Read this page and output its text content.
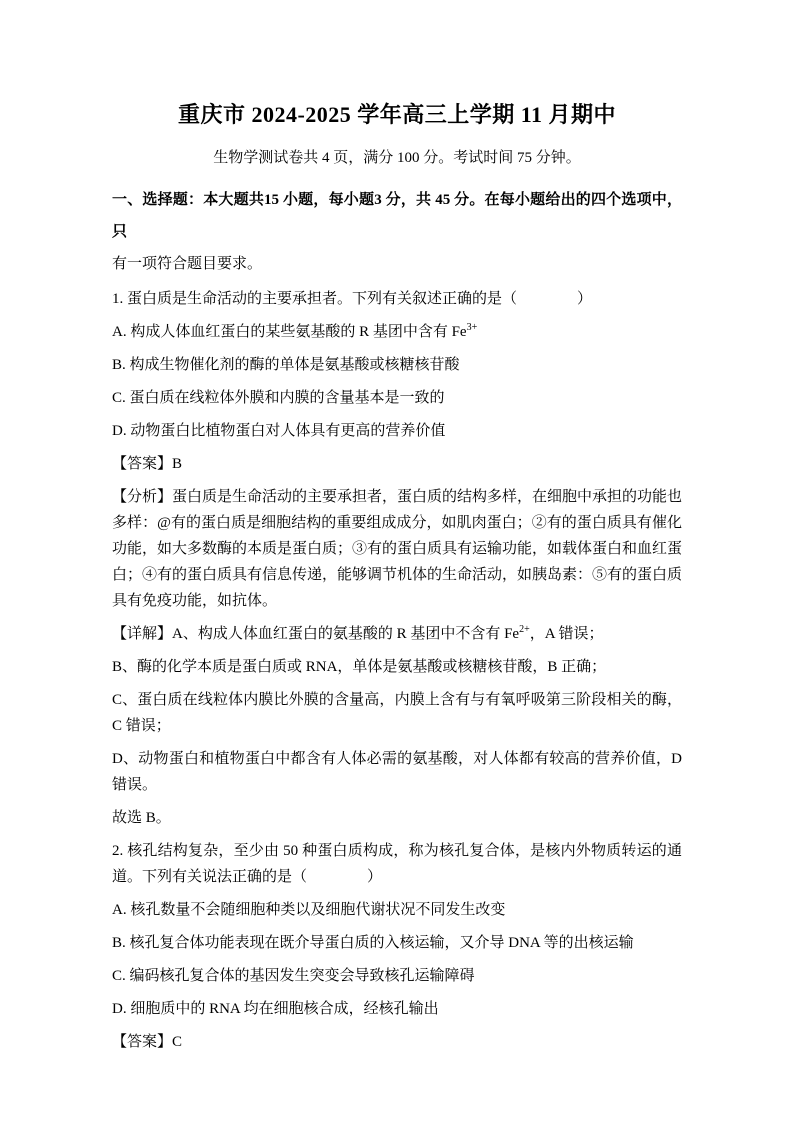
重庆市 2024-2025 学年高三上学期 11 月期中
生物学测试卷共 4 页，满分 100 分。考试时间 75 分钟。
一、选择题：本大题共15 小题，每小题3 分，共 45 分。在每小题给出的四个选项中，只
有一项符合题目要求。

1. 蛋白质是生命活动的主要承担者。下列有关叙述正确的是（　　　　）

A. 构成人体血红蛋白的某些氨基酸的 R 基团中含有 $Fe^{3+}$

B. 构成生物催化剂的酶的单体是氨基酸或核糖核苷酸

C. 蛋白质在线粒体外膜和内膜的含量基本是一致的

D. 动物蛋白比植物蛋白对人体具有更高的营养价值

【答案】B

【分析】蛋白质是生命活动的主要承担者，蛋白质的结构多样，在细胞中承担的功能也多样：@有的蛋白质是细胞结构的重要组成成分，如肌肉蛋白；②有的蛋白质具有催化功能，如大多数酶的本质是蛋白质；③有的蛋白质具有运输功能，如载体蛋白和血红蛋白；④有的蛋白质具有信息传递，能够调节机体的生命活动，如胰岛素：⑤有的蛋白质具有免疫功能，如抗体。

【详解】A、构成人体血红蛋白的氨基酸的 R 基团中不含有 $Fe^{2+}$，A 错误；

B、酶的化学本质是蛋白质或 RNA，单体是氨基酸或核糖核苷酸，B 正确；

C、蛋白质在线粒体内膜比外膜的含量高，内膜上含有与有氧呼吸第三阶段相关的酶，C 错误；

D、动物蛋白和植物蛋白中都含有人体必需的氨基酸，对人体都有较高的营养价值，D 错误。

故选 B。

2. 核孔结构复杂，至少由 50 种蛋白质构成，称为核孔复合体，是核内外物质转运的通道。下列有关说法正确的是（　　　　）

A. 核孔数量不会随细胞种类以及细胞代谢状况不同发生改变

B. 核孔复合体功能表现在既介导蛋白质的入核运输，又介导 DNA 等的出核运输

C. 编码核孔复合体的基因发生突变会导致核孔运输障碍

D. 细胞质中的 RNA 均在细胞核合成，经核孔输出

【答案】C
